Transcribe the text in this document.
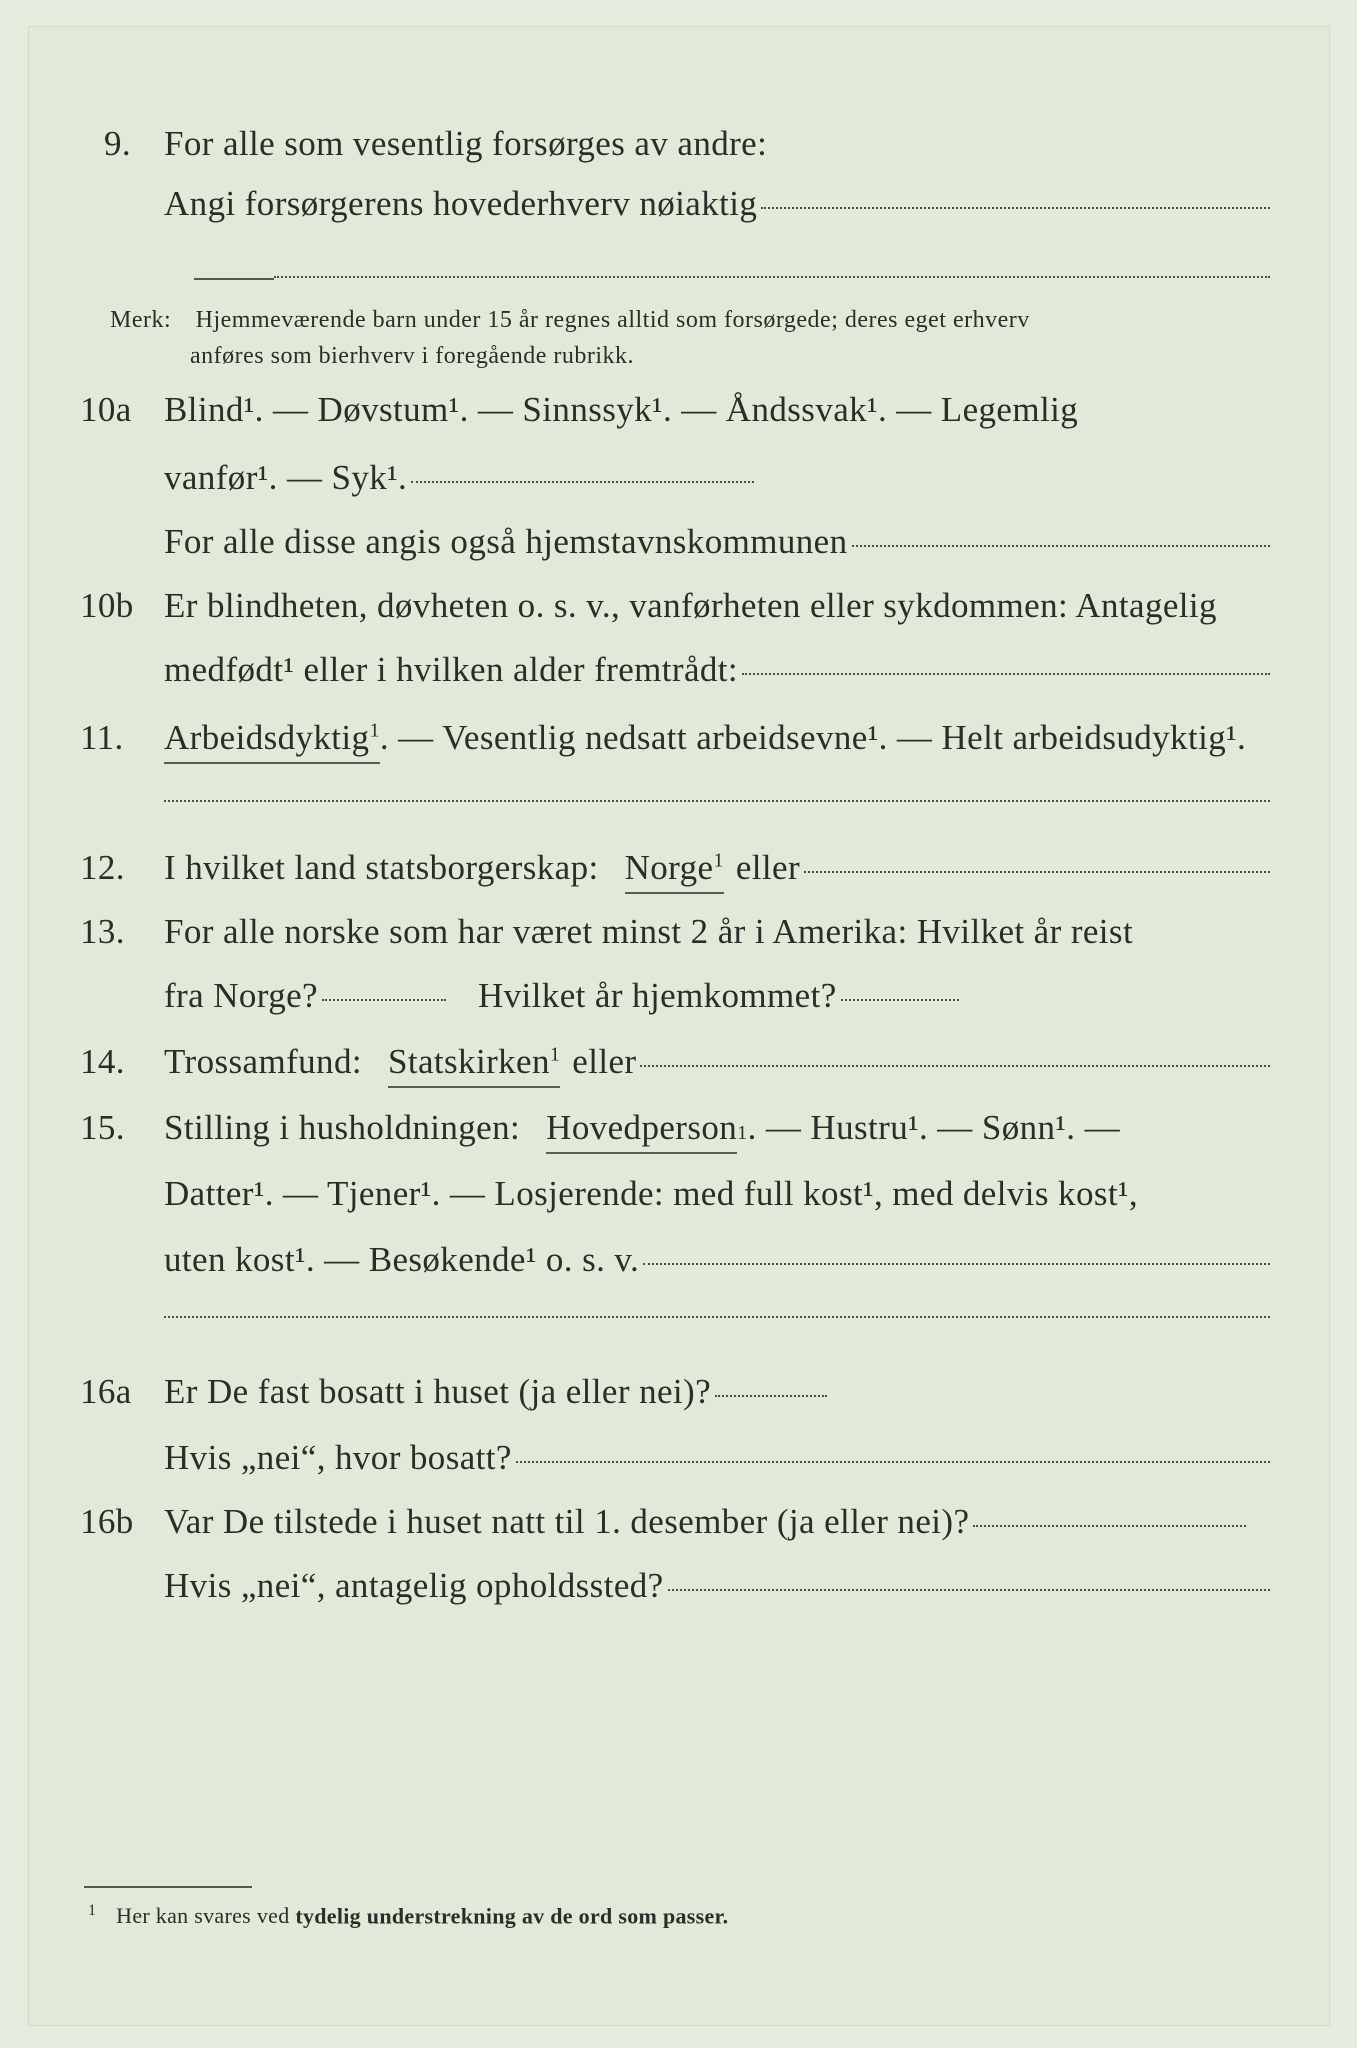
9. For alle som vesentlig forsørges av andre:
Angi forsørgerens hovederhverv nøiaktig
Merk: Hjemmeværende barn under 15 år regnes alltid som forsørgede; deres eget erhverv
anføres som bierhverv i foregående rubrikk.
10a Blind¹. — Døvstum¹. — Sinnssyk¹. — Åndssvak¹. — Legemlig
vanfør¹. — Syk¹.
For alle disse angis også hjemstavnskommunen
10b Er blindheten, døvheten o. s. v., vanførheten eller sykdommen: Antagelig
medfødt¹ eller i hvilken alder fremtrådt:
11. Arbeidsdyktig$^1$ . — Vesentlig nedsatt arbeidsevne¹. — Helt arbeidsudyktig¹.
12. I hvilket land statsborgerskap: Norge$^1$ eller
13. For alle norske som har været minst 2 år i Amerika: Hvilket år reist
fra Norge?	Hvilket år hjemkommet?
14. Trossamfund: Statskirken$^1$ eller
15. Stilling i husholdningen: Hovedperson 1 . — Hustru¹. — Sønn¹. —
Datter¹. — Tjener¹. — Losjerende: med full kost¹, med delvis kost¹,
uten kost¹. — Besøkende¹ o. s. v.
16a Er De fast bosatt i huset (ja eller nei)?
Hvis „nei“, hvor bosatt?
16b Var De tilstede i huset natt til 1. desember (ja eller nei)?
Hvis „nei“, antagelig opholdssted?
$^1$ Her kan svares ved tydelig understrekning av de ord som passer.
